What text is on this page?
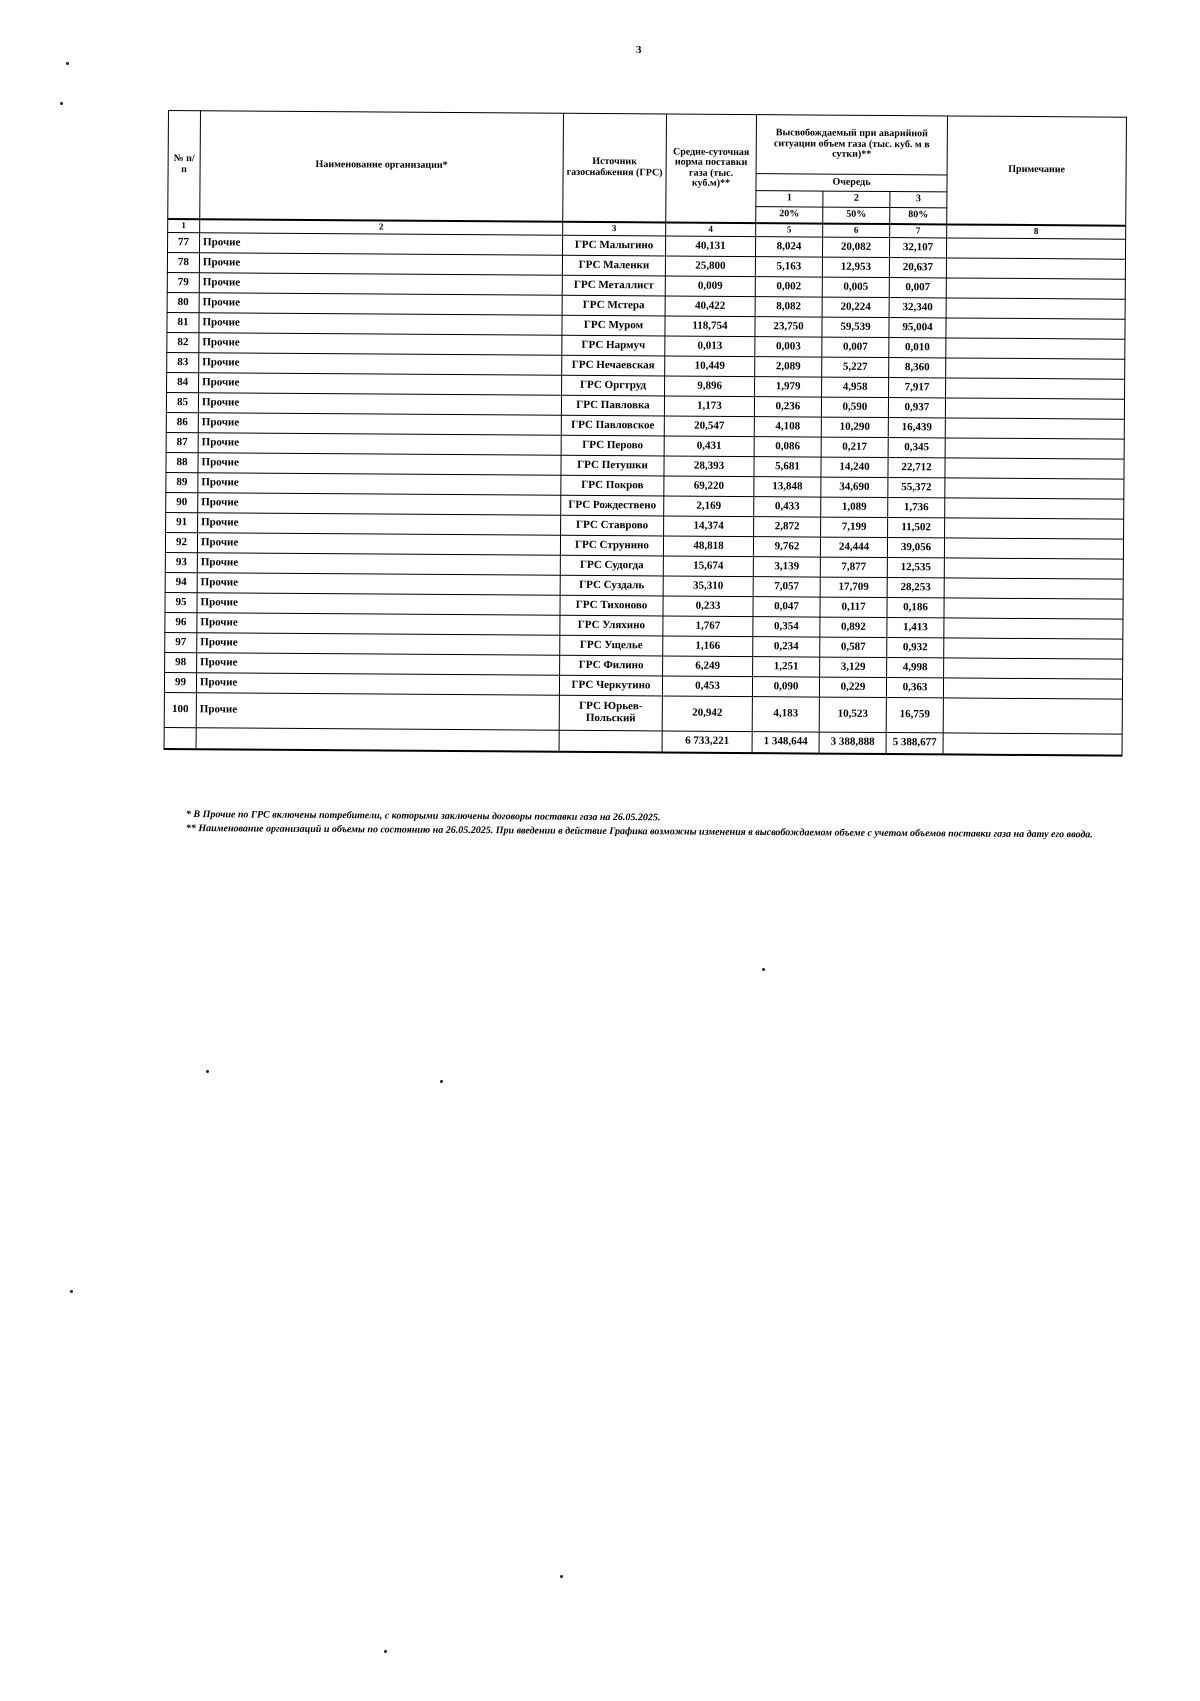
3
№ п/п	Наименование организации*	Источник газоснабжения (ГРС)	Средне-суточная норма поставки газа (тыс. куб.м)**	Высвобождаемый при аварийной ситуации объем газа (тыс. куб. м в сутки)**			Примечание
				Очередь			
				1	2	3	
				20%	50%	80%	
1	2	3	4	5	6	7	8
77	Прочие	ГРС Малыгино	40,131	8,024	20,082	32,107	
78	Прочие	ГРС Маленки	25,800	5,163	12,953	20,637	
79	Прочие	ГРС Металлист	0,009	0,002	0,005	0,007	
80	Прочие	ГРС Мстера	40,422	8,082	20,224	32,340	
81	Прочие	ГРС Муром	118,754	23,750	59,539	95,004	
82	Прочие	ГРС Нармуч	0,013	0,003	0,007	0,010	
83	Прочие	ГРС Нечаевская	10,449	2,089	5,227	8,360	
84	Прочие	ГРС Оргтруд	9,896	1,979	4,958	7,917	
85	Прочие	ГРС Павловка	1,173	0,236	0,590	0,937	
86	Прочие	ГРС Павловское	20,547	4,108	10,290	16,439	
87	Прочие	ГРС Перово	0,431	0,086	0,217	0,345	
88	Прочие	ГРС Петушки	28,393	5,681	14,240	22,712	
89	Прочие	ГРС Покров	69,220	13,848	34,690	55,372	
90	Прочие	ГРС Рождествено	2,169	0,433	1,089	1,736	
91	Прочие	ГРС Ставрово	14,374	2,872	7,199	11,502	
92	Прочие	ГРС Струнино	48,818	9,762	24,444	39,056	
93	Прочие	ГРС Судогда	15,674	3,139	7,877	12,535	
94	Прочие	ГРС Суздаль	35,310	7,057	17,709	28,253	
95	Прочие	ГРС Тихоново	0,233	0,047	0,117	0,186	
96	Прочие	ГРС Уляхино	1,767	0,354	0,892	1,413	
97	Прочие	ГРС Ущелье	1,166	0,234	0,587	0,932	
98	Прочие	ГРС Филино	6,249	1,251	3,129	4,998	
99	Прочие	ГРС Черкутино	0,453	0,090	0,229	0,363	
100	Прочие	ГРС Юрьев-Польский	20,942	4,183	10,523	16,759	
			6 733,221	1 348,644	3 388,888	5 388,677	

* В Прочие по ГРС включены потребители, с которыми заключены договоры поставки газа на 26.05.2025.

** Наименование организаций и объемы по состоянию на 26.05.2025. При введении в действие Графика возможны изменения в высвобождаемом объеме с учетом объемов поставки газа на дату его ввода.
